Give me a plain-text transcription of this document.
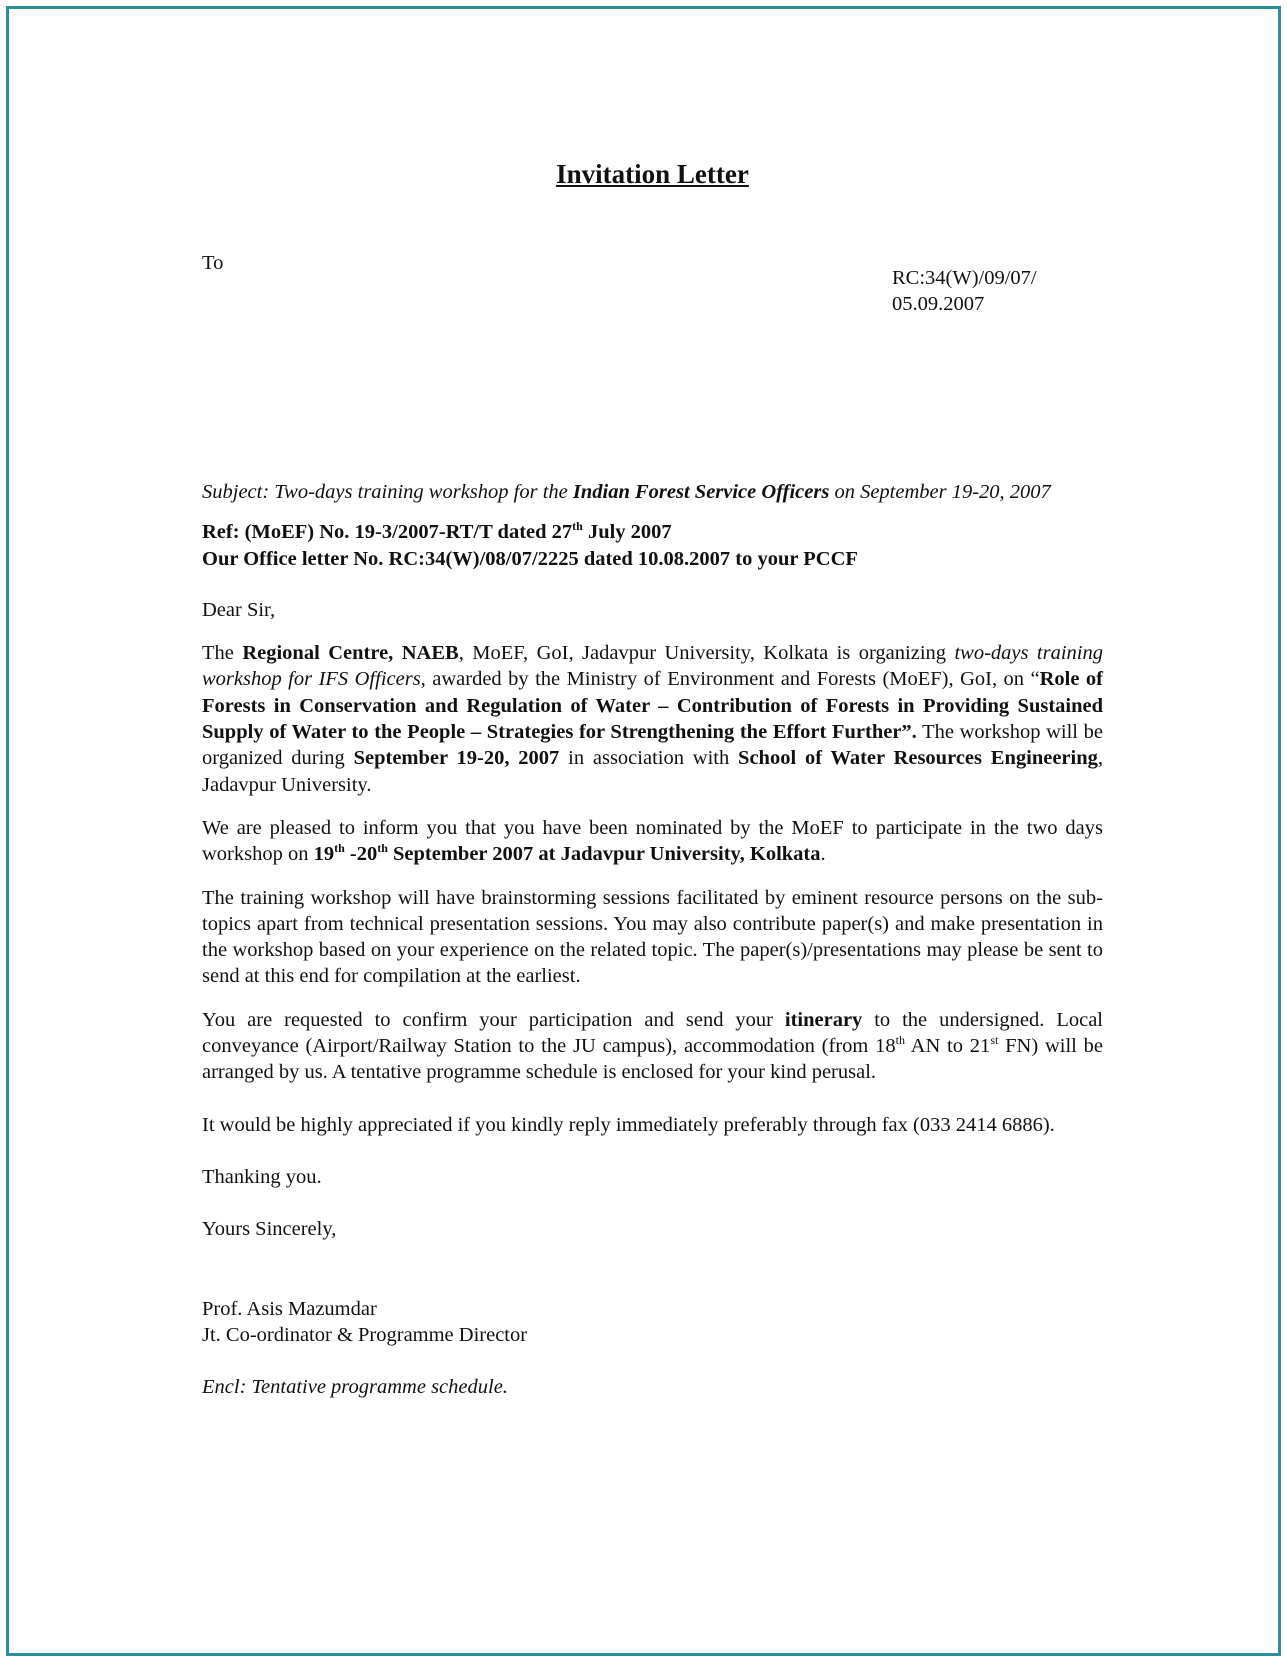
Invitation Letter
To
RC:34(W)/09/07/
05.09.2007

Subject: Two-days training workshop for the Indian Forest Service Officers on September 19-20, 2007

Ref: (MoEF) No. 19-3/2007-RT/T dated 27th July 2007
Our Office letter No. RC:34(W)/08/07/2225 dated 10.08.2007 to your PCCF

Dear Sir,

The Regional Centre, NAEB, MoEF, GoI, Jadavpur University, Kolkata is organizing two-days training workshop for IFS Officers, awarded by the Ministry of Environment and Forests (MoEF), GoI, on “Role of Forests in Conservation and Regulation of Water – Contribution of Forests in Providing Sustained Supply of Water to the People – Strategies for Strengthening the Effort Further”. The workshop will be organized during September 19-20, 2007 in association with School of Water Resources Engineering, Jadavpur University.

We are pleased to inform you that you have been nominated by the MoEF to participate in the two days workshop on 19th -20th September 2007 at Jadavpur University, Kolkata.

The training workshop will have brainstorming sessions facilitated by eminent resource persons on the sub-topics apart from technical presentation sessions. You may also contribute paper(s) and make presentation in the workshop based on your experience on the related topic. The paper(s)/presentations may please be sent to send at this end for compilation at the earliest.

You are requested to confirm your participation and send your itinerary to the undersigned. Local conveyance (Airport/Railway Station to the JU campus), accommodation (from 18th AN to 21st FN) will be arranged by us. A tentative programme schedule is enclosed for your kind perusal.

It would be highly appreciated if you kindly reply immediately preferably through fax (033 2414 6886).

Thanking you.

Yours Sincerely,

Prof. Asis Mazumdar
Jt. Co-ordinator & Programme Director

Encl: Tentative programme schedule.
